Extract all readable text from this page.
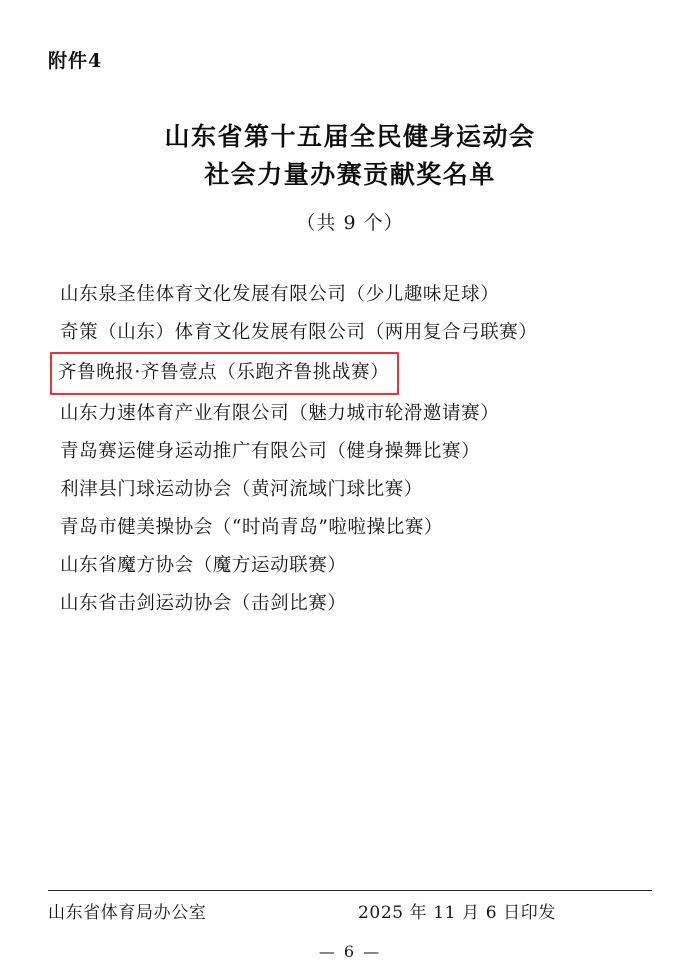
附件4
山东省第十五届全民健身运动会
社会力量办赛贡献奖名单
（共 9 个）
山东泉圣佳体育文化发展有限公司（少儿趣味足球）
奇策（山东）体育文化发展有限公司（两用复合弓联赛）
齐鲁晚报·齐鲁壹点（乐跑齐鲁挑战赛）
山东力速体育产业有限公司（魅力城市轮滑邀请赛）
青岛赛运健身运动推广有限公司（健身操舞比赛）
利津县门球运动协会（黄河流域门球比赛）
青岛市健美操协会（“时尚青岛”啦啦操比赛）
山东省魔方协会（魔方运动联赛）
山东省击剑运动协会（击剑比赛）
山东省体育局办公室	2025 年 11 月 6 日印发
— 6 —
